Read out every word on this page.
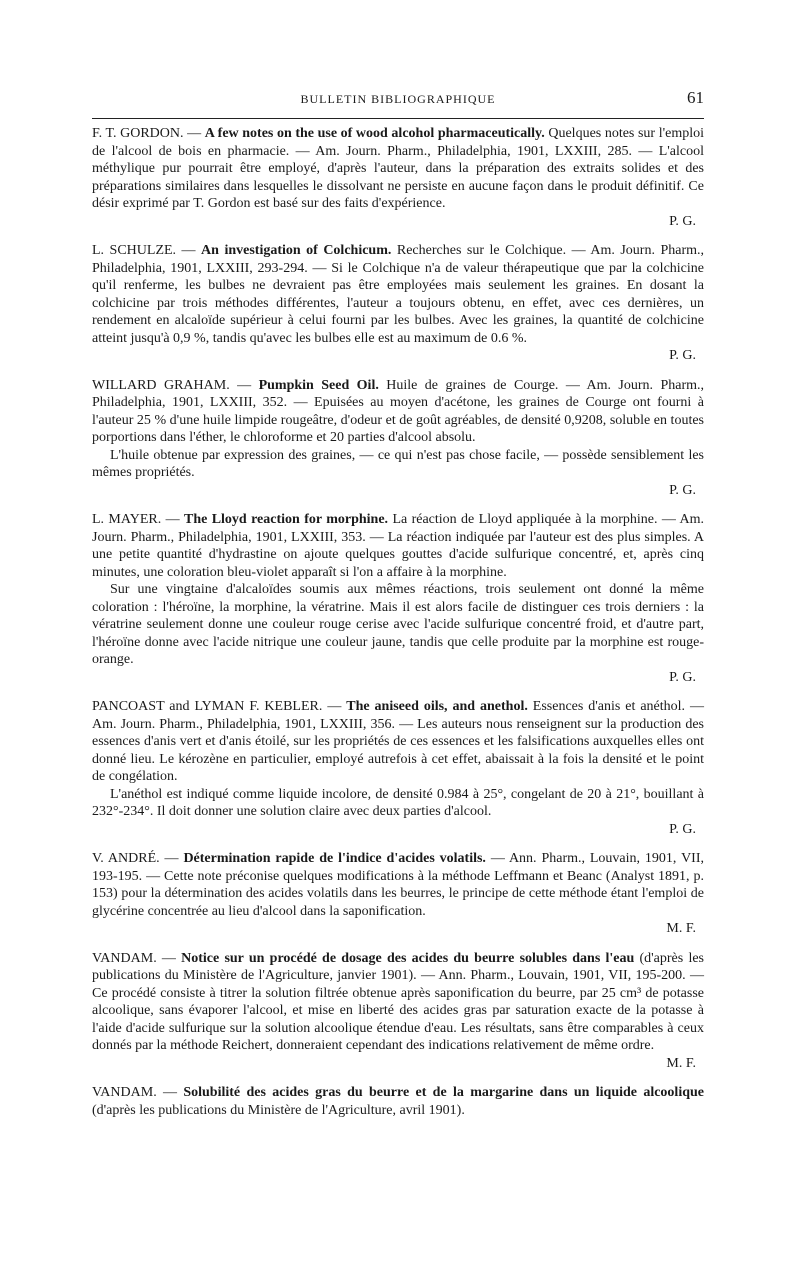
BULLETIN BIBLIOGRAPHIQUE	61

F. T. GORDON. — A few notes on the use of wood alcohol pharmaceutically. Quelques notes sur l'emploi de l'alcool de bois en pharmacie. — Am. Journ. Pharm., Philadelphia, 1901, LXXIII, 285. — L'alcool méthylique pur pourrait être employé, d'après l'auteur, dans la préparation des extraits solides et des préparations similaires dans lesquelles le dissolvant ne persiste en aucune façon dans le produit définitif. Ce désir exprimé par T. Gordon est basé sur des faits d'expérience.

P. G.

L. SCHULZE. — An investigation of Colchicum. Recherches sur le Colchique. — Am. Journ. Pharm., Philadelphia, 1901, LXXIII, 293-294. — Si le Colchique n'a de valeur thérapeutique que par la colchicine qu'il renferme, les bulbes ne devraient pas être employées mais seulement les graines. En dosant la colchicine par trois méthodes différentes, l'auteur a toujours obtenu, en effet, avec ces dernières, un rendement en alcaloïde supérieur à celui fourni par les bulbes. Avec les graines, la quantité de colchicine atteint jusqu'à 0,9 %, tandis qu'avec les bulbes elle est au maximum de 0.6 %.

P. G.

WILLARD GRAHAM. — Pumpkin Seed Oil. Huile de graines de Courge. — Am. Journ. Pharm., Philadelphia, 1901, LXXIII, 352. — Epuisées au moyen d'acétone, les graines de Courge ont fourni à l'auteur 25 % d'une huile limpide rougeâtre, d'odeur et de goût agréables, de densité 0,9208, soluble en toutes porportions dans l'éther, le chloroforme et 20 parties d'alcool absolu.

L'huile obtenue par expression des graines, — ce qui n'est pas chose facile, — possède sensiblement les mêmes propriétés.

P. G.

L. MAYER. — The Lloyd reaction for morphine. La réaction de Lloyd appliquée à la morphine. — Am. Journ. Pharm., Philadelphia, 1901, LXXIII, 353. — La réaction indiquée par l'auteur est des plus simples. A une petite quantité d'hydrastine on ajoute quelques gouttes d'acide sulfurique concentré, et, après cinq minutes, une coloration bleu-violet apparaît si l'on a affaire à la morphine.

Sur une vingtaine d'alcaloïdes soumis aux mêmes réactions, trois seulement ont donné la même coloration : l'héroïne, la morphine, la vératrine. Mais il est alors facile de distinguer ces trois derniers : la vératrine seulement donne une couleur rouge cerise avec l'acide sulfurique concentré froid, et d'autre part, l'héroïne donne avec l'acide nitrique une couleur jaune, tandis que celle produite par la morphine est rouge-orange.

P. G.

PANCOAST and LYMAN F. KEBLER. — The aniseed oils, and anethol. Essences d'anis et anéthol. — Am. Journ. Pharm., Philadelphia, 1901, LXXIII, 356. — Les auteurs nous renseignent sur la production des essences d'anis vert et d'anis étoilé, sur les propriétés de ces essences et les falsifications auxquelles elles ont donné lieu. Le kérozène en particulier, employé autrefois à cet effet, abaissait à la fois la densité et le point de congélation.

L'anéthol est indiqué comme liquide incolore, de densité 0.984 à 25°, congelant de 20 à 21°, bouillant à 232°-234°. Il doit donner une solution claire avec deux parties d'alcool.

P. G.

V. ANDRÉ. — Détermination rapide de l'indice d'acides volatils. — Ann. Pharm., Louvain, 1901, VII, 193-195. — Cette note préconise quelques modifications à la méthode Leffmann et Beanc (Analyst 1891, p. 153) pour la détermination des acides volatils dans les beurres, le principe de cette méthode étant l'emploi de glycérine concentrée au lieu d'alcool dans la saponification.

M. F.

VANDAM. — Notice sur un procédé de dosage des acides du beurre solubles dans l'eau (d'après les publications du Ministère de l'Agriculture, janvier 1901). — Ann. Pharm., Louvain, 1901, VII, 195-200. — Ce procédé consiste à titrer la solution filtrée obtenue après saponification du beurre, par 25 cm³ de potasse alcoolique, sans évaporer l'alcool, et mise en liberté des acides gras par saturation exacte de la potasse à l'aide d'acide sulfurique sur la solution alcoolique étendue d'eau. Les résultats, sans être comparables à ceux donnés par la méthode Reichert, donneraient cependant des indications relativement de même ordre.

M. F.

VANDAM. — Solubilité des acides gras du beurre et de la margarine dans un liquide alcoolique (d'après les publications du Ministère de l'Agriculture, avril 1901).
